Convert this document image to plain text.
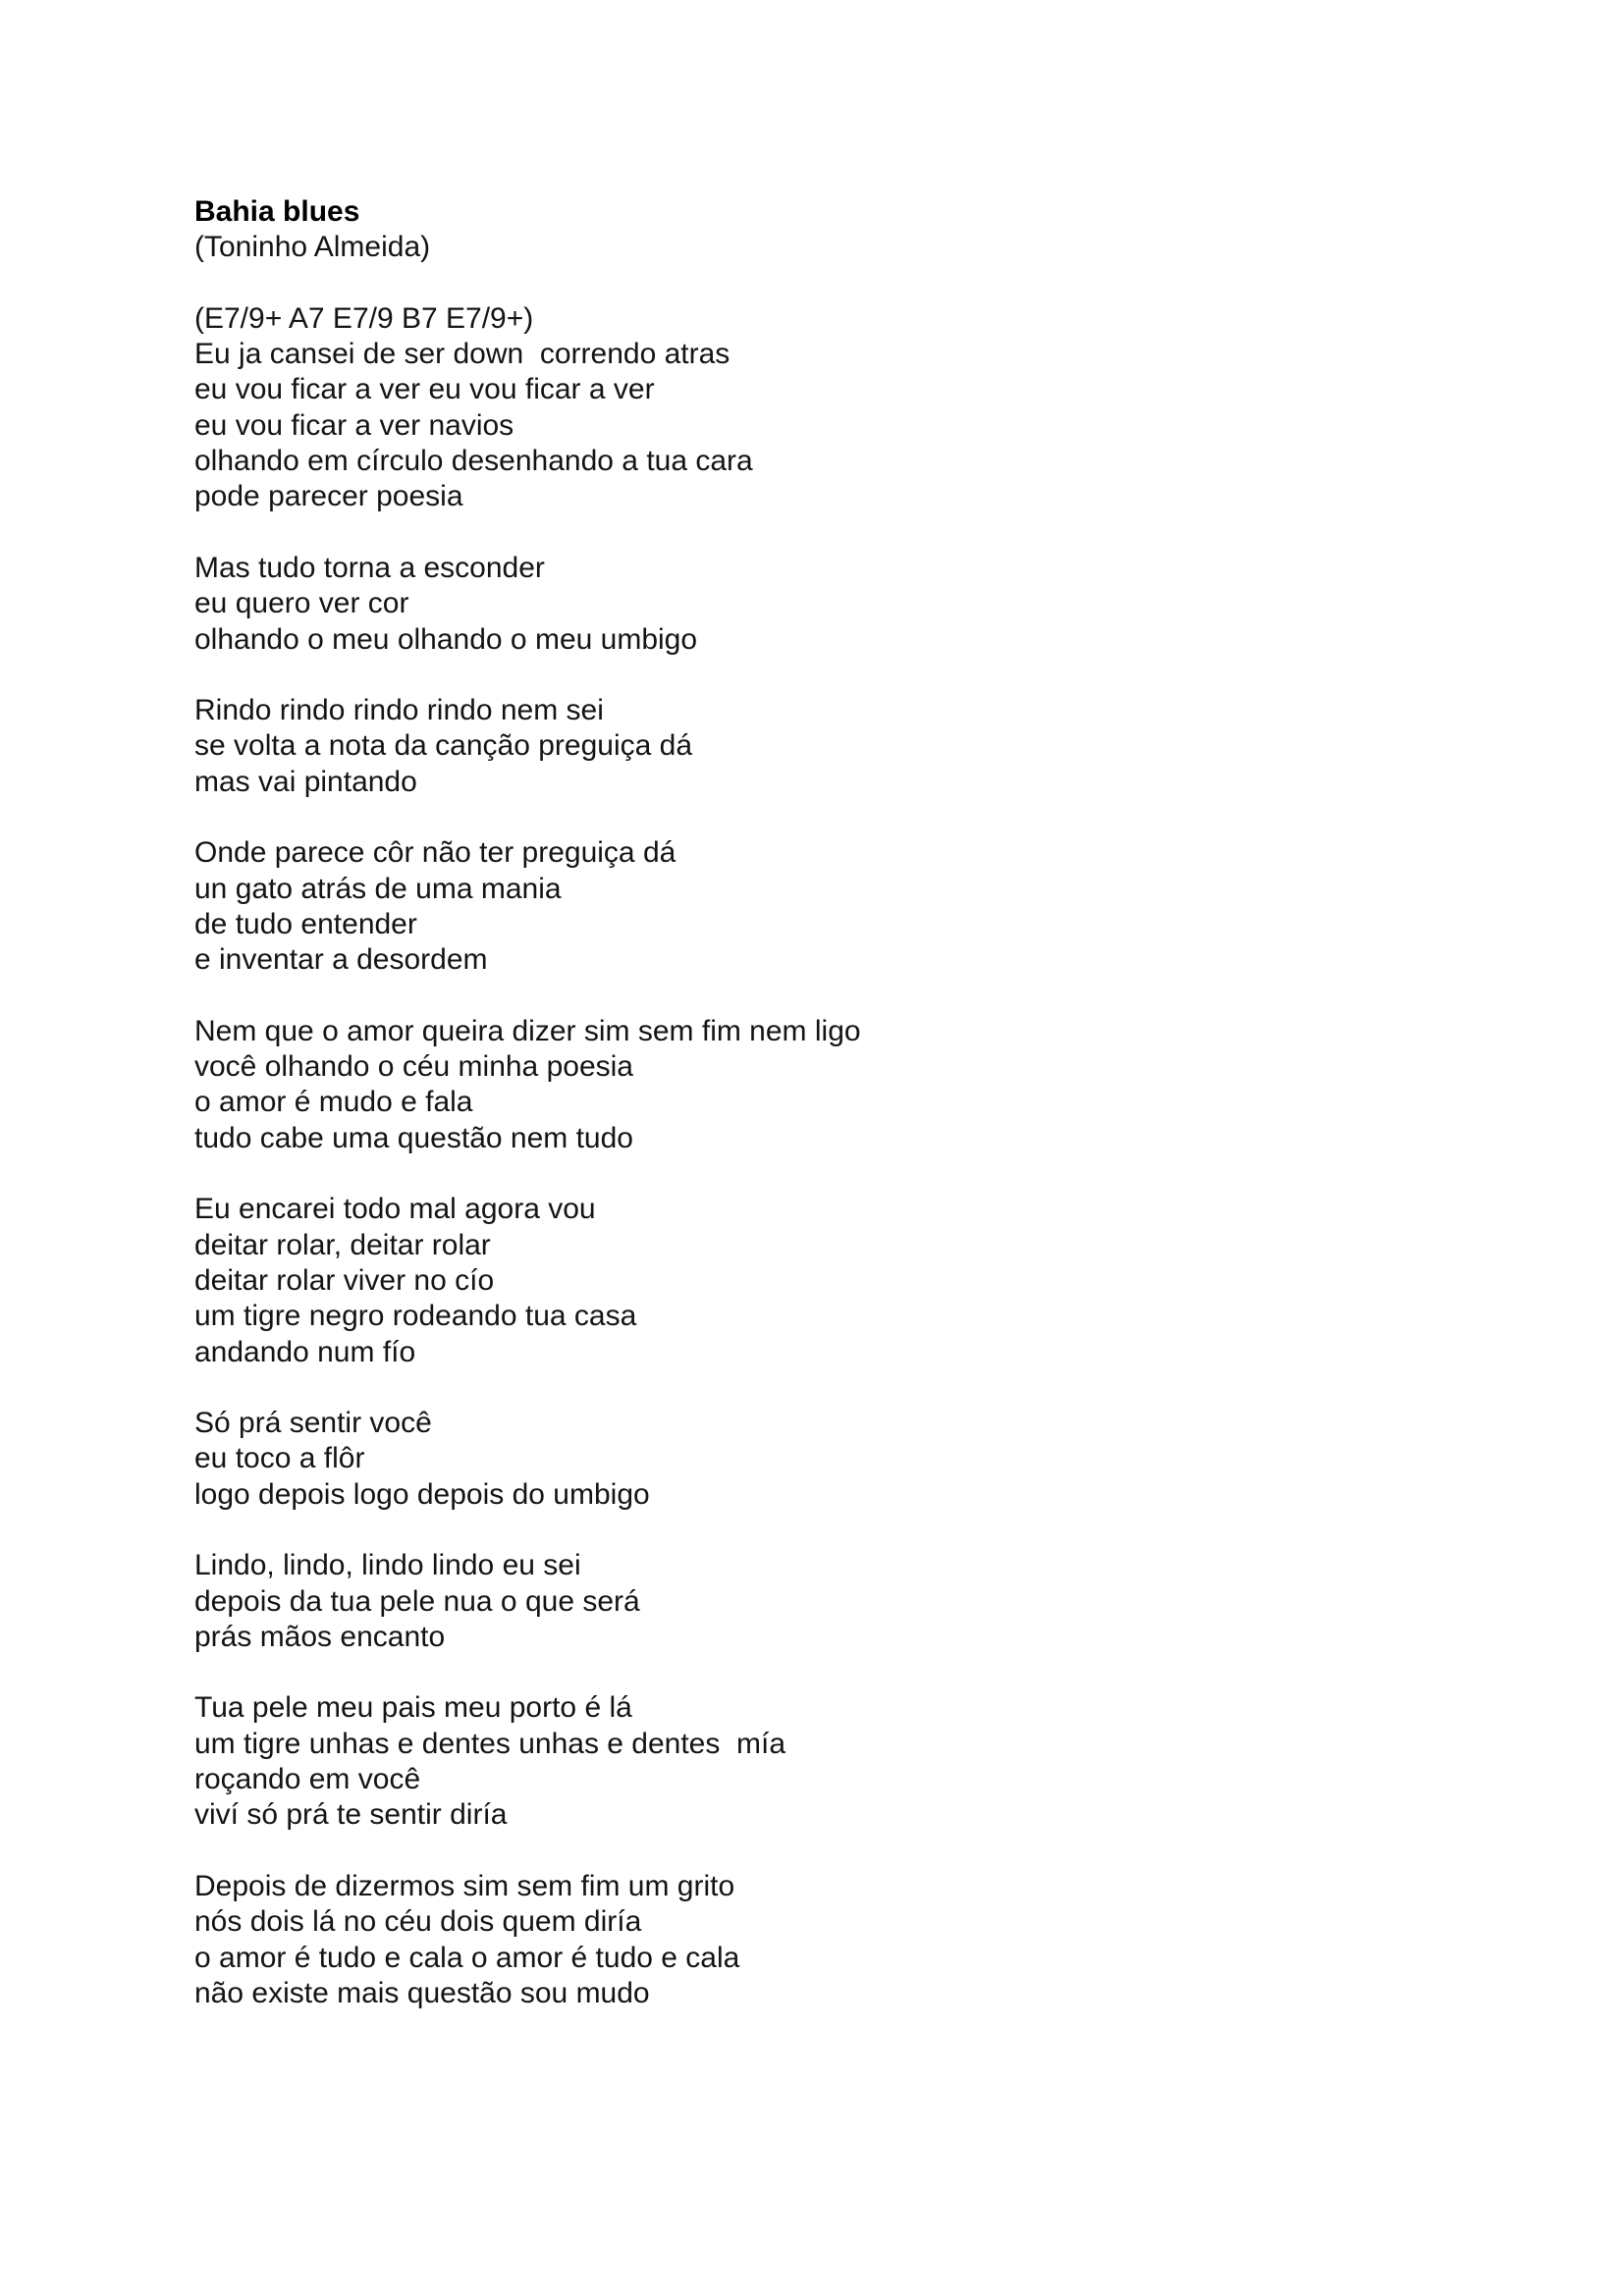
Bahia blues
(Toninho Almeida)
(E7/9+ A7 E7/9 B7 E7/9+)
Eu ja cansei de ser down  correndo atras
eu vou ficar a ver eu vou ficar a ver
eu vou ficar a ver navios
olhando em círculo desenhando a tua cara
pode parecer poesia
Mas tudo torna a esconder
eu quero ver cor
olhando o meu olhando o meu umbigo
Rindo rindo rindo rindo nem sei
se volta a nota da canção preguiça dá
mas vai pintando
Onde parece côr não ter preguiça dá
un gato atrás de uma mania
de tudo entender
e inventar a desordem
Nem que o amor queira dizer sim sem fim nem ligo
você olhando o céu minha poesia
o amor é mudo e fala
tudo cabe uma questão nem tudo
Eu encarei todo mal agora vou
deitar rolar, deitar rolar
deitar rolar viver no cío
um tigre negro rodeando tua casa
andando num fío
Só prá sentir você
eu toco a flôr
logo depois logo depois do umbigo
Lindo, lindo, lindo lindo eu sei
depois da tua pele nua o que será
prás mãos encanto
Tua pele meu pais meu porto é lá
um tigre unhas e dentes unhas e dentes  mía
roçando em você
viví só prá te sentir diría
Depois de dizermos sim sem fim um grito
nós dois lá no céu dois quem diría
o amor é tudo e cala o amor é tudo e cala
não existe mais questão sou mudo
